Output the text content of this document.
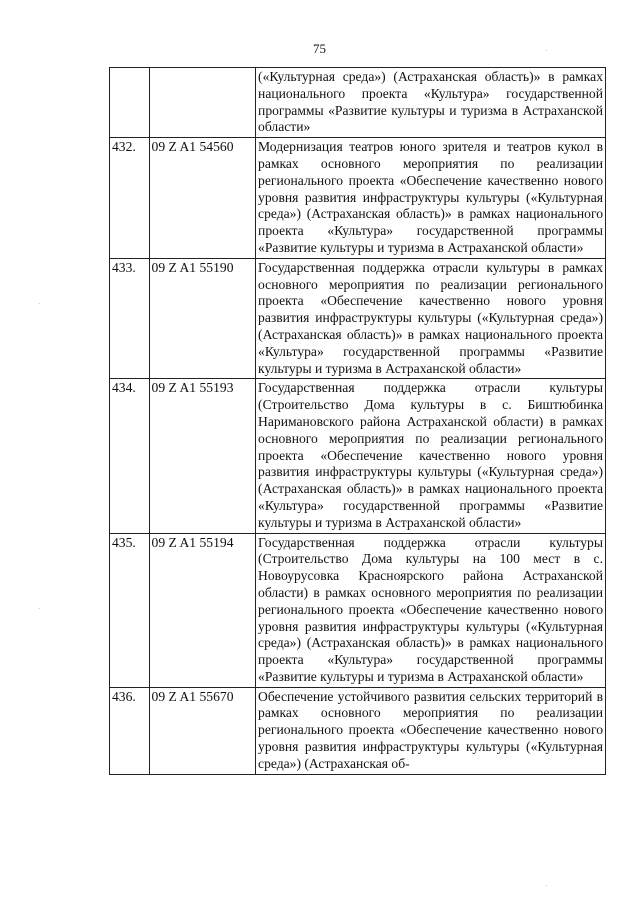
75
		(«Культурная среда») (Астраханская область)» в рамках национального проекта «Культура» государственной программы «Развитие культуры и туризма в Астраханской области»
432.	09 Z A1 54560	Модернизация театров юного зрителя и театров кукол в рамках основного мероприятия по реализации регионального проекта «Обеспечение качественно нового уровня развития инфраструктуры культуры («Культурная среда») (Астраханская область)» в рамках национального проекта «Культура» государственной программы «Развитие культуры и туризма в Астраханской области»
433.	09 Z A1 55190	Государственная поддержка отрасли культуры в рамках основного мероприятия по реализации регионального проекта «Обеспечение качественно нового уровня развития инфраструктуры культуры («Культурная среда») (Астраханская область)» в рамках национального проекта «Культура» государственной программы «Развитие культуры и туризма в Астраханской области»
434.	09 Z A1 55193	Государственная поддержка отрасли культуры (Строительство Дома культуры в с. Биштюбинка Наримановского района Астраханской области) в рамках основного мероприятия по реализации регионального проекта «Обеспечение качественно нового уровня развития инфраструктуры культуры («Культурная среда») (Астраханская область)» в рамках национального проекта «Культура» государственной программы «Развитие культуры и туризма в Астраханской области»
435.	09 Z A1 55194	Государственная поддержка отрасли культуры (Строительство Дома культуры на 100 мест в с. Новоурусовка Красноярского района Астраханской области) в рамках основного мероприятия по реализации регионального проекта «Обеспечение качественно нового уровня развития инфраструктуры культуры («Культурная среда») (Астраханская область)» в рамках национального проекта «Культура» государственной программы «Развитие культуры и туризма в Астраханской области»
436.	09 Z A1 55670	Обеспечение устойчивого развития сельских территорий в рамках основного мероприятия по реализации регионального проекта «Обеспечение качественно нового уровня развития инфраструктуры культуры («Культурная среда») (Астраханская об-
·
·
·
·
